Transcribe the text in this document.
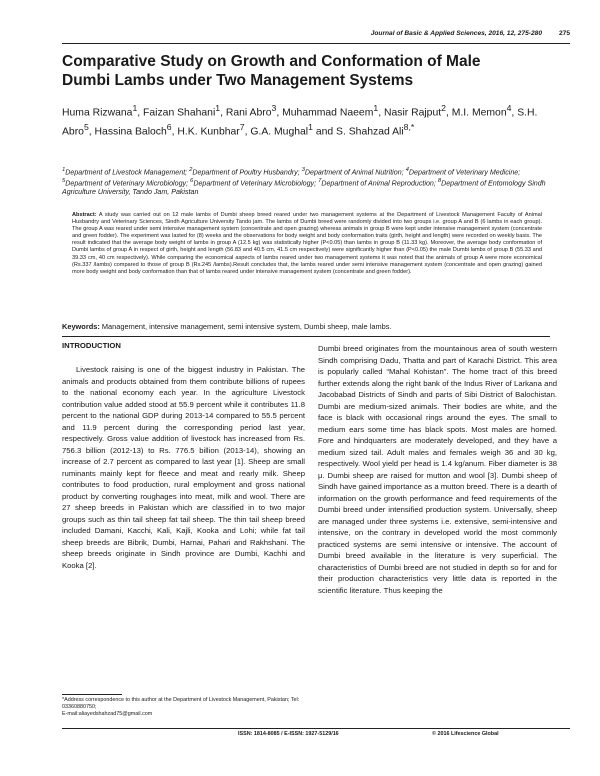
Journal of Basic & Applied Sciences, 2016, 12, 275-280	275
Comparative Study on Growth and Conformation of Male Dumbi Lambs under Two Management Systems
Huma Rizwana$^1$, Faizan Shahani$^1$, Rani Abro$^3$, Muhammad Naeem$^1$, Nasir Rajput$^2$, M.I. Memon$^4$, S.H. Abro$^5$, Hassina Baloch$^6$, H.K. Kunbhar$^7$, G.A. Mughal$^1$ and S. Shahzad Ali$^{8,*}$
$^1$Department of Livestock Management; $^2$Department of Poultry Husbandry; $^3$Department of Animal Nutrition; $^4$Department of Veterinary Medicine; $^5$Department of Veterinary Microbiology; $^6$Department of Veterinary Microbiology; $^7$Department of Animal Reproduction; $^8$Department of Entomology Sindh Agriculture University, Tando Jam, Pakistan
Abstract: A study was carried out on 12 male lambs of Dumbi sheep breed reared under two management systems at the Department of Livestock Management Faculty of Animal Husbandry and Veterinary Sciences, Sindh Agriculture University Tando jam. The lambs of Dumbi breed were randomly divided into two groups i.e. group A and B (6 lambs in each group). The group A was reared under semi intensive management system (concentrate and open grazing) whereas animals in group B were kept under intensive management system (concentrate and green fodder). The experiment was lasted for (8) weeks and the observations for body weight and body conformation traits (girth, height and length) were recorded on weekly basis. The result indicated that the average body weight of lambs in group A (12.5 kg) was statistically higher (P<0.05) than lambs in group B (11.33 kg). Moreover, the average body conformation of Dumbi lambs of group A in respect of girth, height and length (56.83 and 40.5 cm, 41.5 cm respectively) were significantly higher than (P<0.05) the male Dumbi lambs of group B (55.33 and 39.33 cm, 40 cm respectively). While comparing the economical aspects of lambs reared under two management systems it was noted that the animals of group A were more economical (Rs.337 /lambs) compared to those of group B (Rs.245 /lambs).Result concludes that, the lambs reared under semi intensive management system (concentrate and open grazing) gained more body weight and body conformation than that of lambs reared under intensive management system (concentrate and green fodder).
Keywords: Management, intensive management, semi intensive system, Dumbi sheep, male lambs.
INTRODUCTION

Livestock raising is one of the biggest industry in Pakistan. The animals and products obtained from them contribute billions of rupees to the national economy each year. In the agriculture Livestock contribution value added stood at 55.9 percent while it contributes 11.8 percent to the national GDP during 2013-14 compared to 55.5 percent and 11.9 percent during the corresponding period last year, respectively. Gross value addition of livestock has increased from Rs. 756.3 billion (2012-13) to Rs. 776.5 billion (2013-14), showing an increase of 2.7 percent as compared to last year [1]. Sheep are small ruminants mainly kept for fleece and meat and rearly milk. Sheep contributes to food production, rural employment and gross national product by converting roughages into meat, milk and wool. There are 27 sheep breeds in Pakistan which are classified in to two major groups such as thin tail sheep fat tail sheep. The thin tail sheep breed included Damani, Kacchi, Kali, Kajli, Kooka and Lohi; while fat tail sheep breeds are Bibrik, Dumbi, Harnai, Pahari and Rakhshani. The sheep breeds originate in Sindh province are Dumbi, Kachhi and Kooka [2].

Dumbi breed originates from the mountainous area of south western Sindh comprising Dadu, Thatta and part of Karachi District. This area is popularly called “Mahal Kohistan”. The home tract of this breed further extends along the right bank of the Indus River of Larkana and Jacobabad Districts of Sindh and parts of Sibi District of Balochistan. Dumbi are medium-sized animals. Their bodies are white, and the face is black with occasional rings around the eyes. The small to medium ears some time has black spots. Most males are horned. Fore and hindquarters are moderately developed, and they have a medium sized tail. Adult males and females weigh 36 and 30 kg, respectively. Wool yield per head is 1.4 kg/anum. Fiber diameter is 38 μ. Dumbi sheep are raised for mutton and wool [3]. Dumbi sheep of Sindh have gained importance as a mutton breed. There is a dearth of information on the growth performance and feed requirements of the Dumbi breed under intensified production system. Universally, sheep are managed under three systems i.e. extensive, semi-intensive and intensive, on the contrary in developed world the most commonly practiced systems are semi intensive or intensive. The account of Dumbi breed available in the literature is very superficial. The characteristics of Dumbi breed are not studied in depth so for and for their production characteristics very little data is reported in the scientific literature. Thus keeping the

*Address correspondence to this author at the Department of Livestock Management, Pakistan; Tel: 03360880750;
E-mail:aliayedshahzad75@gmail.com
ISSN: 1814-8085 / E-ISSN: 1927-5129/16	© 2016 Lifescience Global
